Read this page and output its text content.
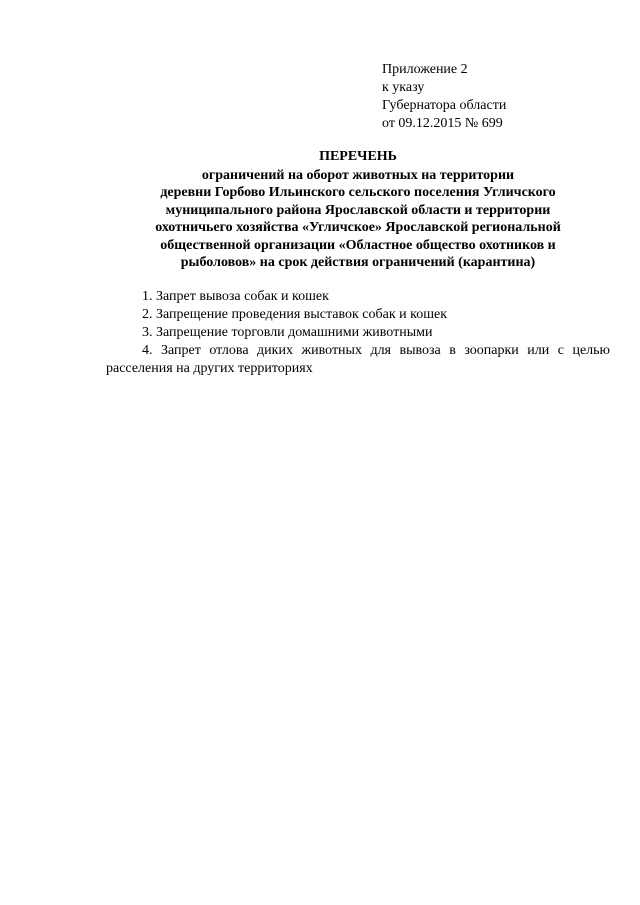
Приложение 2
к указу
Губернатора области
от 09.12.2015 № 699
ПЕРЕЧЕНЬ
ограничений на оборот животных на территории
деревни Горбово Ильинского сельского поселения Угличского
муниципального района Ярославской области и территории
охотничьего хозяйства «Угличское» Ярославской региональной
общественной организации «Областное общество охотников и
рыболовов» на срок действия ограничений (карантина)
1. Запрет вывоза собак и кошек
2. Запрещение проведения выставок собак и кошек
3. Запрещение торговли домашними животными
4. Запрет отлова диких животных для вывоза в зоопарки или с целью расселения на других территориях
